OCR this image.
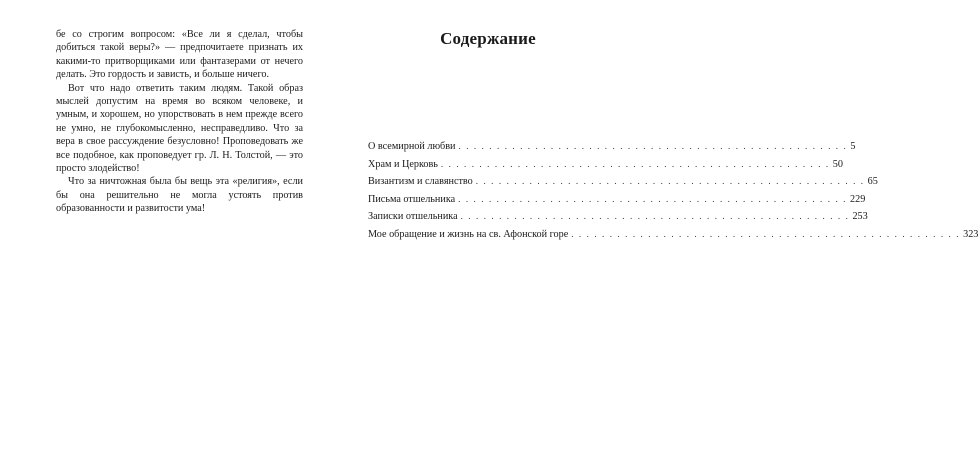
бе со строгим вопросом: «Все ли я сделал, чтобы добиться такой веры?» — предпочитаете признать их какими-то притворщиками или фантазерами от нечего делать. Это гордость и зависть, и больше ничего.

Вот что надо ответить таким людям. Такой образ мыслей допустим на время во всяком человеке, и умным, и хорошем, но упорствовать в нем прежде всего не умно, не глубокомысленно, несправедливо. Что за вера в свое рассуждение безусловно! Проповедовать же все подобное, как проповедует гр. Л. Н. Толстой, — это просто злодейство!

Что за ничтожная была бы вещь эта «религия», если бы она решительно не могла устоять против образованности и развитости ума!

Содержание
О всемирной любви . . . . . . . . . . . . . . . . . . . . . . . . . . . . . . . . . . . . . . . . . . . . . . . . . . . 5
Храм и Церковь . . . . . . . . . . . . . . . . . . . . . . . . . . . . . . . . . . . . . . . . . . . . . . . . . . . 50
Византизм и славянство . . . . . . . . . . . . . . . . . . . . . . . . . . . . . . . . . . . . . . . . . . . . . . . . . . . 65
Письма отшельника . . . . . . . . . . . . . . . . . . . . . . . . . . . . . . . . . . . . . . . . . . . . . . . . . . . 229
Записки отшельника . . . . . . . . . . . . . . . . . . . . . . . . . . . . . . . . . . . . . . . . . . . . . . . . . . . 253
Мое обращение и жизнь на св. Афонской горе . . . . . . . . . . . . . . . . . . . . . . . . . . . . . . . . . . . . . . . . . . . . . . . . . . . 323
